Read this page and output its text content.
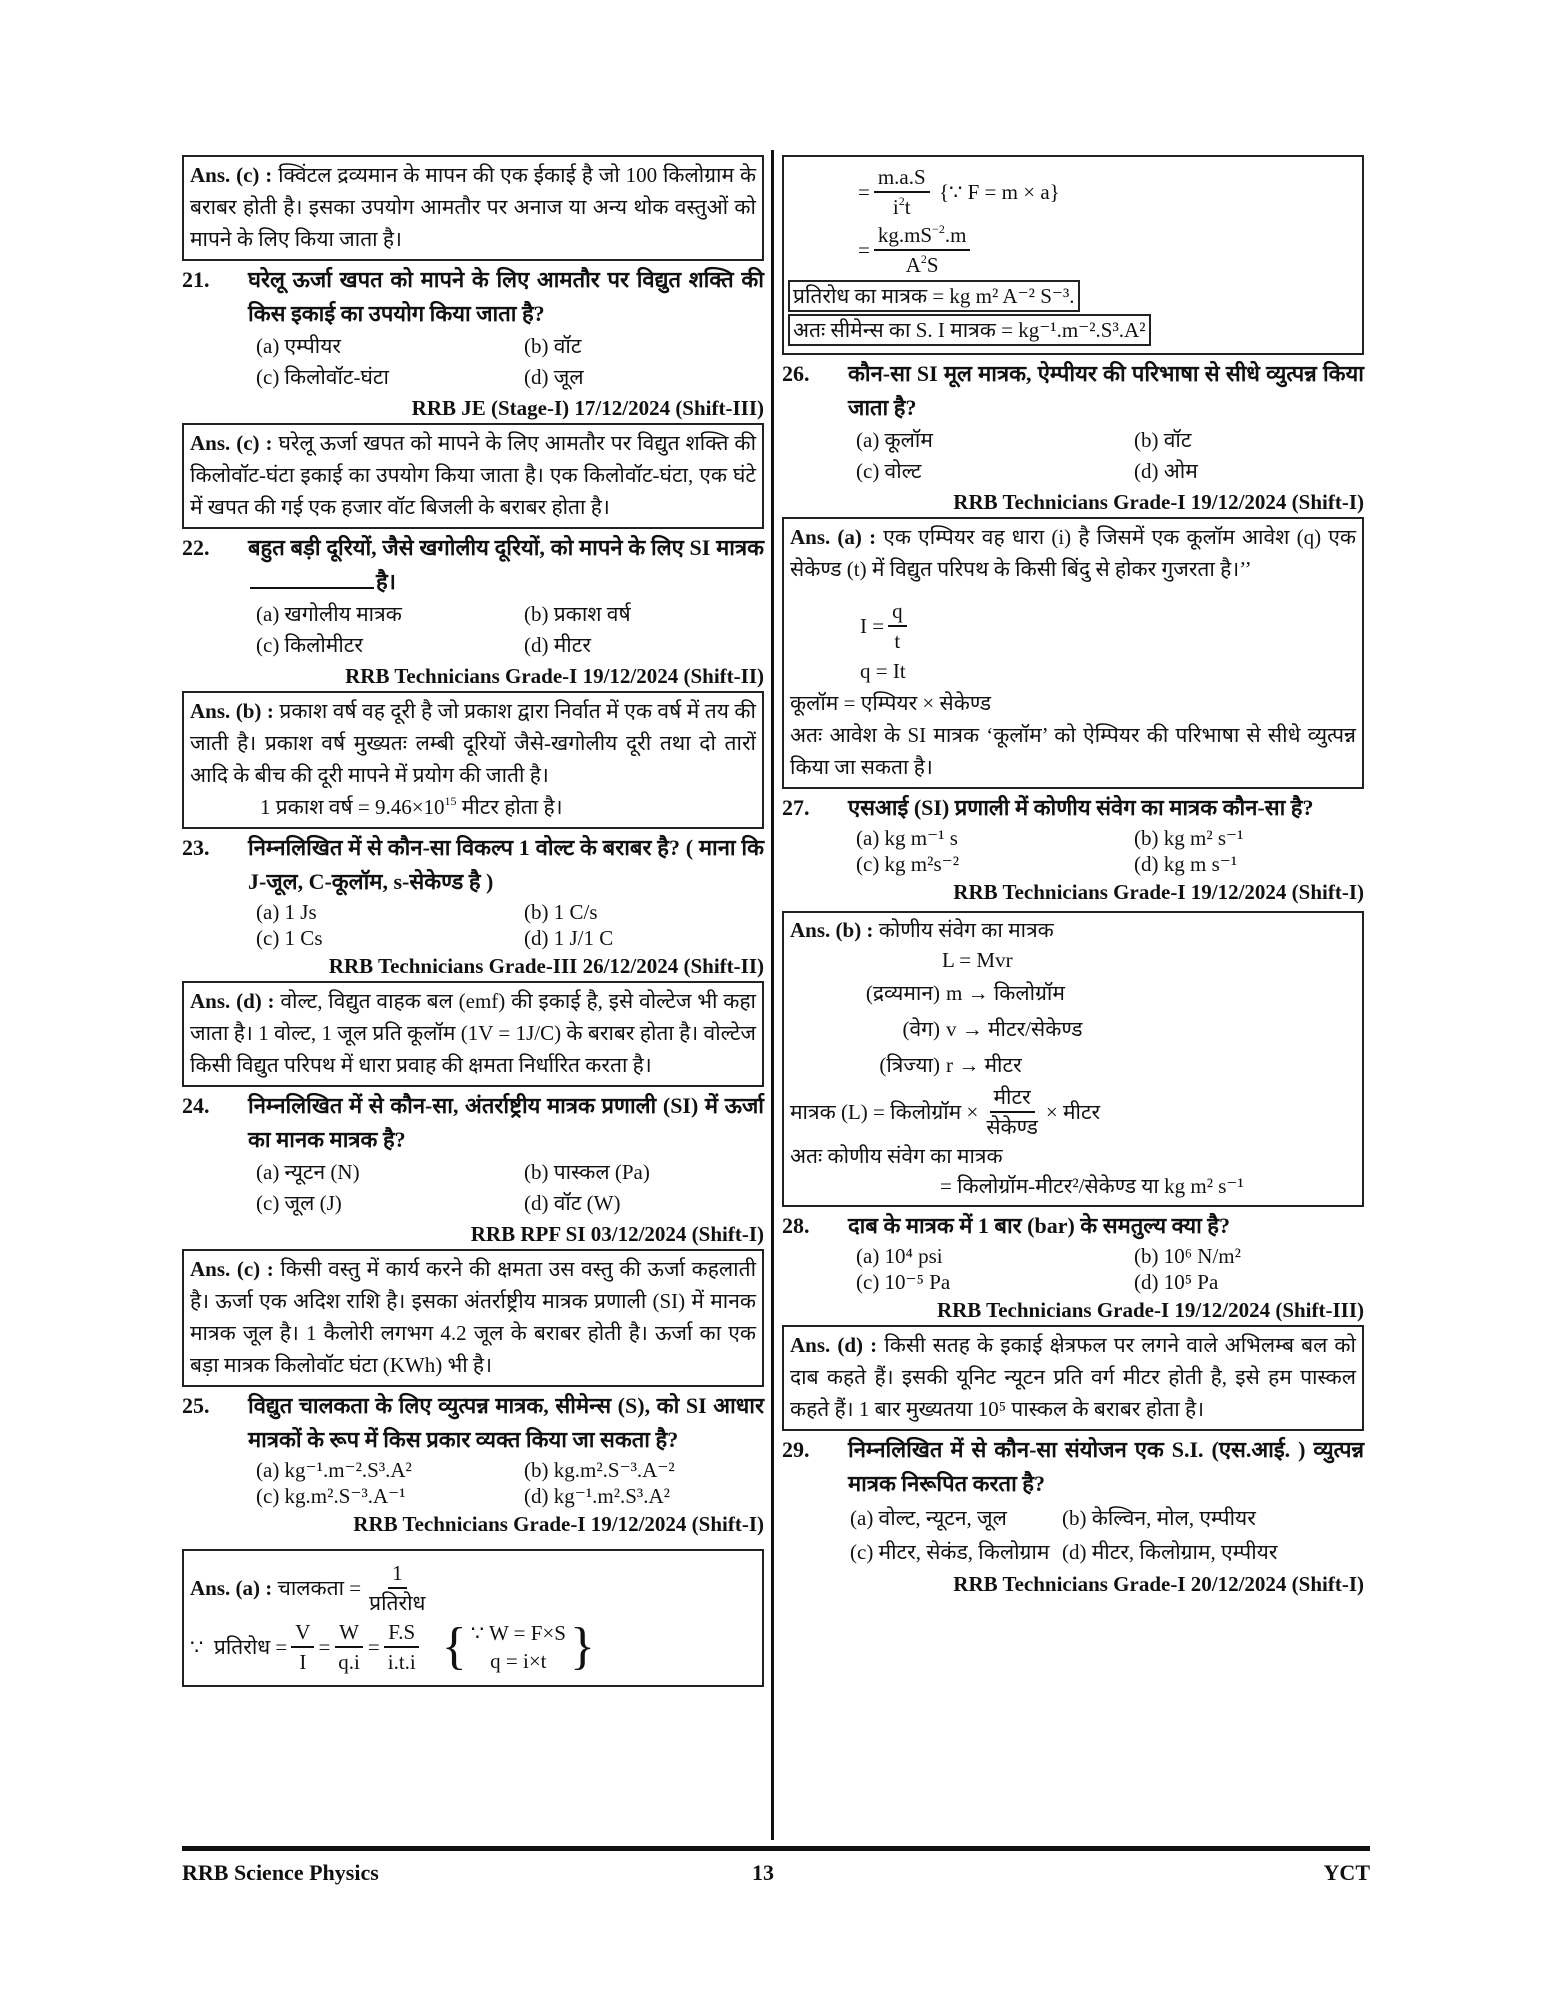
Ans. (c) : क्विंटल द्रव्यमान के मापन की एक ईकाई है जो 100 किलोग्राम के बराबर होती है। इसका उपयोग आमतौर पर अनाज या अन्य थोक वस्तुओं को मापने के लिए किया जाता है।
21.	घरेलू ऊर्जा खपत को मापने के लिए आमतौर पर विद्युत शक्ति की किस इकाई का उपयोग किया जाता है?
(a) एम्पीयर	(b) वॉट
(c) किलोवॉट-घंटा	(d) जूल
RRB JE (Stage-I) 17/12/2024 (Shift-III)
Ans. (c) : घरेलू ऊर्जा खपत को मापने के लिए आमतौर पर विद्युत शक्ति की किलोवॉट-घंटा इकाई का उपयोग किया जाता है। एक किलोवॉट-घंटा, एक घंटे में खपत की गई एक हजार वॉट बिजली के बराबर होता है।
22.	बहुत बड़ी दूरियों, जैसे खगोलीय दूरियों, को मापने के लिए SI मात्रक है।
(a) खगोलीय मात्रक	(b) प्रकाश वर्ष
(c) किलोमीटर	(d) मीटर
RRB Technicians Grade-I 19/12/2024 (Shift-II)
Ans. (b) : प्रकाश वर्ष वह दूरी है जो प्रकाश द्वारा निर्वात में एक वर्ष में तय की जाती है। प्रकाश वर्ष मुख्यतः लम्बी दूरियों जैसे-खगोलीय दूरी तथा दो तारों आदि के बीच की दूरी मापने में प्रयोग की जाती है।
1 प्रकाश वर्ष = $9.46\times 10^{15}$ मीटर होता है।
23.	निम्नलिखित में से कौन-सा विकल्प 1 वोल्ट के बराबर है? ( माना कि J-जूल, C-कूलॉम, s-सेकेण्ड है )
(a) 1 Js	(b) 1 C/s
(c) 1 Cs	(d) 1 J/1 C
RRB Technicians Grade-III 26/12/2024 (Shift-II)
Ans. (d) : वोल्ट, विद्युत वाहक बल (emf) की इकाई है, इसे वोल्टेज भी कहा जाता है। 1 वोल्ट, 1 जूल प्रति कूलॉम (1V = 1J/C) के बराबर होता है। वोल्टेज किसी विद्युत परिपथ में धारा प्रवाह की क्षमता निर्धारित करता है।
24.	निम्नलिखित में से कौन-सा, अंतर्राष्ट्रीय मात्रक प्रणाली (SI) में ऊर्जा का मानक मात्रक है?
(a) न्यूटन (N)	(b) पास्कल (Pa)
(c) जूल (J)	(d) वॉट (W)
RRB RPF SI 03/12/2024 (Shift-I)
Ans. (c) : किसी वस्तु में कार्य करने की क्षमता उस वस्तु की ऊर्जा कहलाती है। ऊर्जा एक अदिश राशि है। इसका अंतर्राष्ट्रीय मात्रक प्रणाली (SI) में मानक मात्रक जूल है। 1 कैलोरी लगभग 4.2 जूल के बराबर होती है। ऊर्जा का एक बड़ा मात्रक किलोवॉट घंटा (KWh) भी है।
25.	विद्युत चालकता के लिए व्युत्पन्न मात्रक, सीमेन्स (S), को SI आधार मात्रकों के रूप में किस प्रकार व्यक्त किया जा सकता है?
(a) kg⁻¹.m⁻².S³.A²	(b) kg.m².S⁻³.A⁻²
(c) kg.m².S⁻³.A⁻¹	(d) kg⁻¹.m².S³.A²
RRB Technicians Grade-I 19/12/2024 (Shift-I)
Ans. (a) :
चालकता = $\frac{1}{\text{प्रतिरोध}}$
∵
प्रतिरोध = $\frac{V}{I} = \frac{W}{q.i} = \frac{F.S}{i.t.i}$ { ∵ W = F×S
q = i×t }
= $\frac{m.a.S}{i^2t}$
{∵ F = m × a}
= $\frac{kg.mS^{-2}.m}{A^2S}$
प्रतिरोध का मात्रक = kg m² A⁻² S⁻³.
अतः सीमेन्स का S. I मात्रक = kg⁻¹.m⁻².S³.A²
26.	कौन-सा SI मूल मात्रक, ऐम्पीयर की परिभाषा से सीधे व्युत्पन्न किया जाता है?
(a) कूलॉम	(b) वॉट
(c) वोल्ट	(d) ओम
RRB Technicians Grade-I 19/12/2024 (Shift-I)
Ans. (a) : एक एम्पियर वह धारा (i) है जिसमें एक कूलॉम आवेश (q) एक सेकेण्ड (t) में विद्युत परिपथ के किसी बिंदु से होकर गुजरता है।’’
$I = \frac{q}{t}$
q = It
कूलॉम = एम्पियर × सेकेण्ड
अतः आवेश के SI मात्रक ‘कूलॉम’ को ऐम्पियर की परिभाषा से सीधे व्युत्पन्न किया जा सकता है।
27.	एसआई (SI) प्रणाली में कोणीय संवेग का मात्रक कौन-सा है?
(a) kg m⁻¹ s	(b) kg m² s⁻¹
(c) kg m²s⁻²	(d) kg m s⁻¹
RRB Technicians Grade-I 19/12/2024 (Shift-I)
Ans. (b) : कोणीय संवेग का मात्रक
L = Mvr
(द्रव्यमान) m → किलोग्रॉम
(वेग) v → मीटर/सेकेण्ड
(त्रिज्या) r → मीटर
मात्रक (L) = किलोग्रॉम × $\frac{\text{मीटर}}{\text{सेकेण्ड}}$ × मीटर
अतः कोणीय संवेग का मात्रक
= किलोग्रॉम-मीटर²/सेकेण्ड या kg m² s⁻¹
28.	दाब के मात्रक में 1 बार (bar) के समतुल्य क्या है?
(a) 10⁴ psi	(b) 10⁶ N/m²
(c) 10⁻⁵ Pa	(d) 10⁵ Pa
RRB Technicians Grade-I 19/12/2024 (Shift-III)
Ans. (d) : किसी सतह के इकाई क्षेत्रफल पर लगने वाले अभिलम्ब बल को दाब कहते हैं। इसकी यूनिट न्यूटन प्रति वर्ग मीटर होती है, इसे हम पास्कल कहते हैं। 1 बार मुख्यतया 10⁵ पास्कल के बराबर होता है।
29.	निम्नलिखित में से कौन-सा संयोजन एक S.I. (एस.आई. ) व्युत्पन्न मात्रक निरूपित करता है?
(a) वोल्ट, न्यूटन, जूल	(b) केल्विन, मोल, एम्पीयर
(c) मीटर, सेकंड, किलोग्राम (d) मीटर, किलोग्राम, एम्पीयर
RRB Technicians Grade-I 20/12/2024 (Shift-I)
RRB Science Physics	13	YCT
